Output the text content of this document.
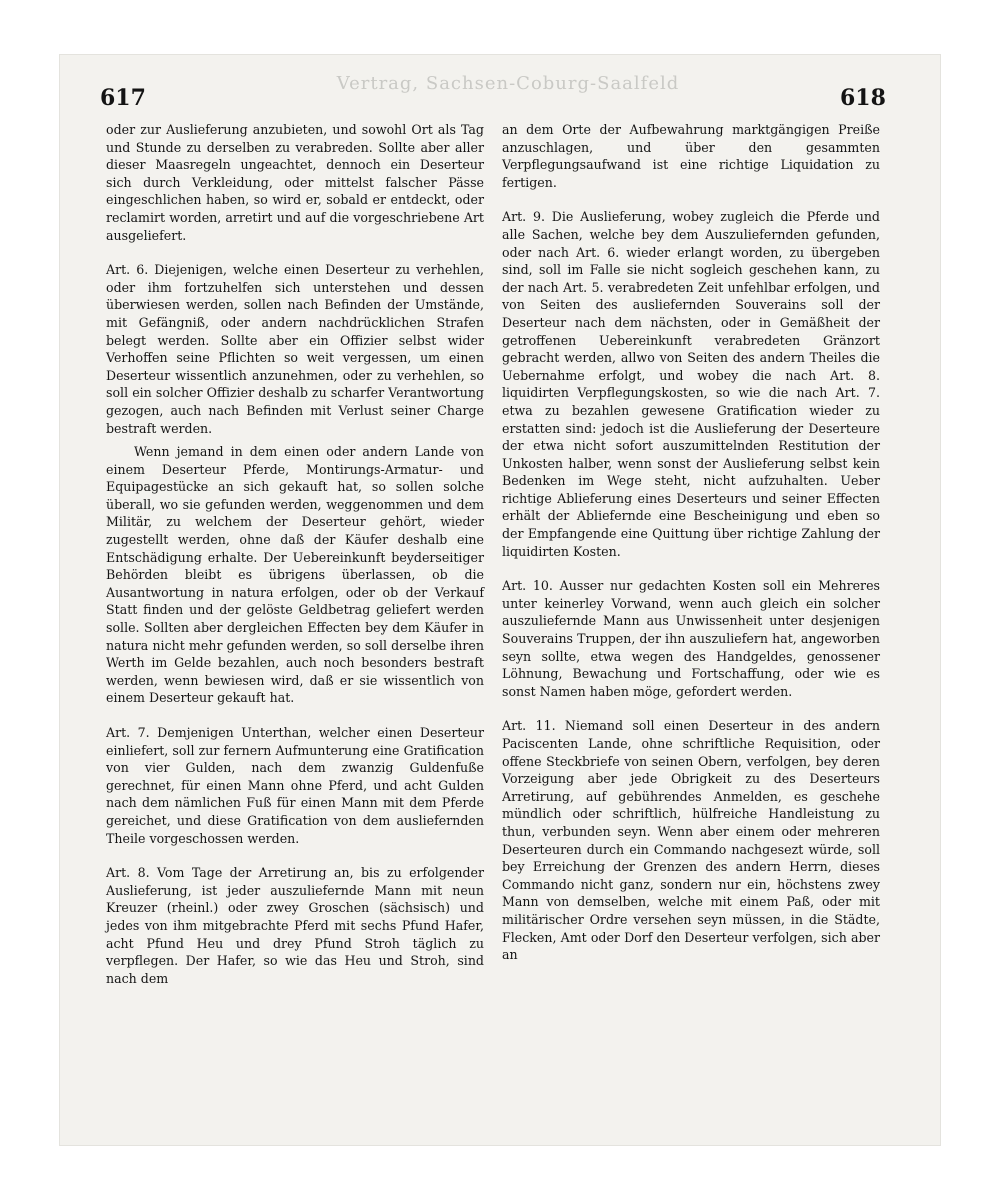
Vertrag, Sachsen-Coburg-Saalfeld
617	618

oder zur Auslieferung anzubieten, und sowohl Ort als Tag und Stunde zu derselben zu verabreden. Sollte aber aller dieser Maasregeln ungeachtet, dennoch ein Deserteur sich durch Verkleidung, oder mittelst falscher Pässe eingeschlichen haben, so wird er, sobald er entdeckt, oder reclamirt worden, arretirt und auf die vorgeschriebene Art ausgeliefert.

Art. 6. Diejenigen, welche einen Deserteur zu verhehlen, oder ihm fortzuhelfen sich unterstehen und dessen überwiesen werden, sollen nach Befinden der Umstände, mit Gefängniß, oder andern nachdrücklichen Strafen belegt werden. Sollte aber ein Offizier selbst wider Verhoffen seine Pflichten so weit vergessen, um einen Deserteur wissentlich anzunehmen, oder zu verhehlen, so soll ein solcher Offizier deshalb zu scharfer Verantwortung gezogen, auch nach Befinden mit Verlust seiner Charge bestraft werden.

Wenn jemand in dem einen oder andern Lande von einem Deserteur Pferde, Montirungs-Armatur- und Equipagestücke an sich gekauft hat, so sollen solche überall, wo sie gefunden werden, weggenommen und dem Militär, zu welchem der Deserteur gehört, wieder zugestellt werden, ohne daß der Käufer deshalb eine Entschädigung erhalte. Der Uebereinkunft beyderseitiger Behörden bleibt es übrigens überlassen, ob die Ausantwortung in natura erfolgen, oder ob der Verkauf Statt finden und der gelöste Geldbetrag geliefert werden solle. Sollten aber dergleichen Effecten bey dem Käufer in natura nicht mehr gefunden werden, so soll derselbe ihren Werth im Gelde bezahlen, auch noch besonders bestraft werden, wenn bewiesen wird, daß er sie wissentlich von einem Deserteur gekauft hat.

Art. 7. Demjenigen Unterthan, welcher einen Deserteur einliefert, soll zur fernern Aufmunterung eine Gratification von vier Gulden, nach dem zwanzig Guldenfuße gerechnet, für einen Mann ohne Pferd, und acht Gulden nach dem nämlichen Fuß für einen Mann mit dem Pferde gereichet, und diese Gratification von dem ausliefernden Theile vorgeschossen werden.

Art. 8. Vom Tage der Arretirung an, bis zu erfolgender Auslieferung, ist jeder auszuliefernde Mann mit neun Kreuzer (rheinl.) oder zwey Groschen (sächsisch) und jedes von ihm mitgebrachte Pferd mit sechs Pfund Hafer, acht Pfund Heu und drey Pfund Stroh täglich zu verpflegen. Der Hafer, so wie das Heu und Stroh, sind nach dem

an dem Orte der Aufbewahrung marktgängigen Preiße anzuschlagen, und über den gesammten Verpflegungsaufwand ist eine richtige Liquidation zu fertigen.

Art. 9. Die Auslieferung, wobey zugleich die Pferde und alle Sachen, welche bey dem Auszuliefernden gefunden, oder nach Art. 6. wieder erlangt worden, zu übergeben sind, soll im Falle sie nicht sogleich geschehen kann, zu der nach Art. 5. verabredeten Zeit unfehlbar erfolgen, und von Seiten des ausliefernden Souverains soll der Deserteur nach dem nächsten, oder in Gemäßheit der getroffenen Uebereinkunft verabredeten Gränzort gebracht werden, allwo von Seiten des andern Theiles die Uebernahme erfolgt, und wobey die nach Art. 8. liquidirten Verpflegungskosten, so wie die nach Art. 7. etwa zu bezahlen gewesene Gratification wieder zu erstatten sind: jedoch ist die Auslieferung der Deserteure der etwa nicht sofort auszumittelnden Restitution der Unkosten halber, wenn sonst der Auslieferung selbst kein Bedenken im Wege steht, nicht aufzuhalten. Ueber richtige Ablieferung eines Deserteurs und seiner Effecten erhält der Abliefernde eine Bescheinigung und eben so der Empfangende eine Quittung über richtige Zahlung der liquidirten Kosten.

Art. 10. Ausser nur gedachten Kosten soll ein Mehreres unter keinerley Vorwand, wenn auch gleich ein solcher auszuliefernde Mann aus Unwissenheit unter desjenigen Souverains Truppen, der ihn auszuliefern hat, angeworben seyn sollte, etwa wegen des Handgeldes, genossener Löhnung, Bewachung und Fortschaffung, oder wie es sonst Namen haben möge, gefordert werden.

Art. 11. Niemand soll einen Deserteur in des andern Paciscenten Lande, ohne schriftliche Requisition, oder offene Steckbriefe von seinen Obern, verfolgen, bey deren Vorzeigung aber jede Obrigkeit zu des Deserteurs Arretirung, auf gebührendes Anmelden, es geschehe mündlich oder schriftlich, hülfreiche Handleistung zu thun, verbunden seyn. Wenn aber einem oder mehreren Deserteuren durch ein Commando nachgesezt würde, soll bey Erreichung der Grenzen des andern Herrn, dieses Commando nicht ganz, sondern nur ein, höchstens zwey Mann von demselben, welche mit einem Paß, oder mit militärischer Ordre versehen seyn müssen, in die Städte, Flecken, Amt oder Dorf den Deserteur verfolgen, sich aber an
